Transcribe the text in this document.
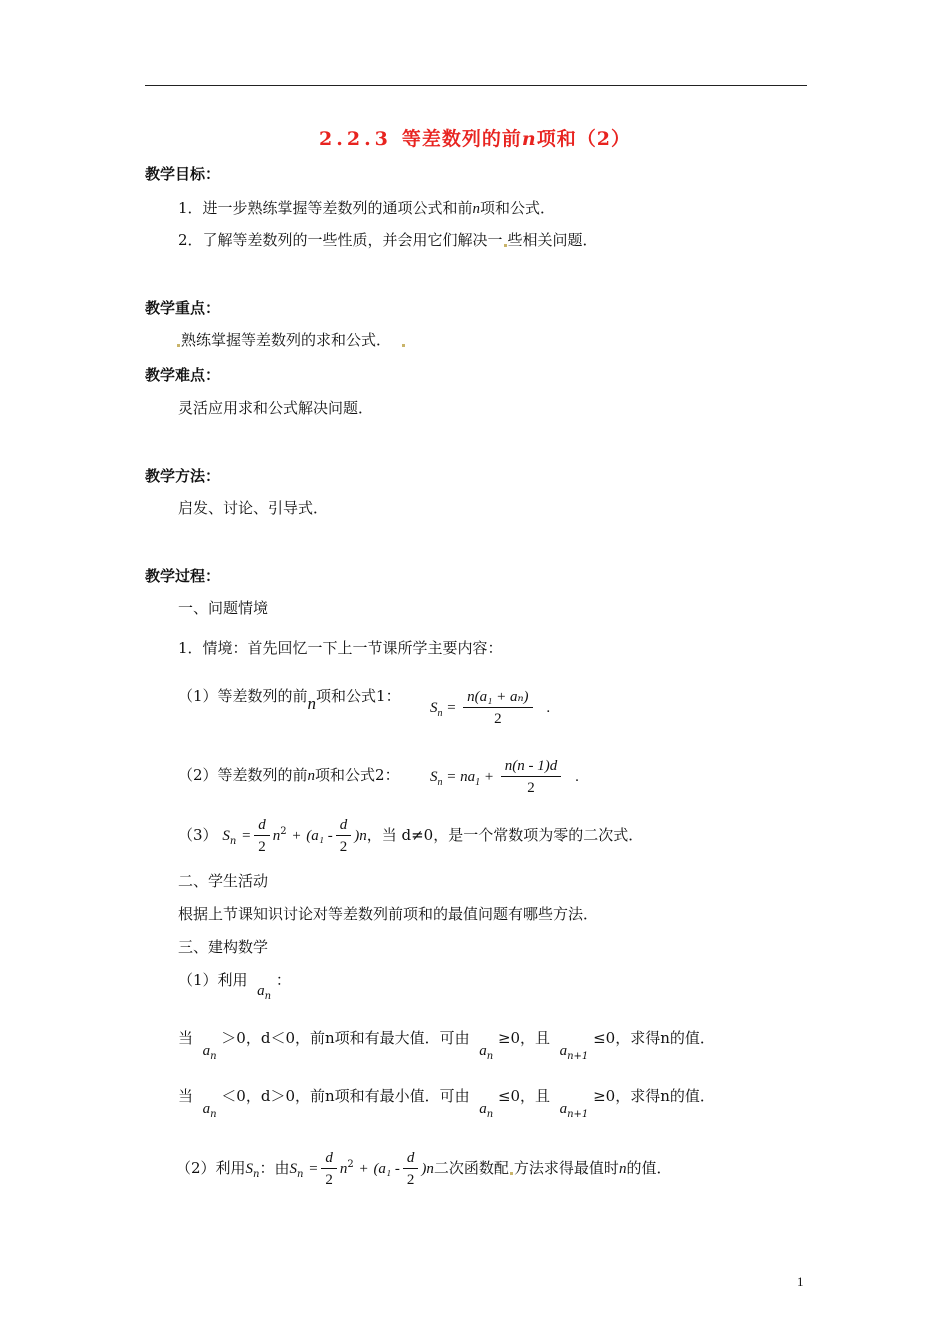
2.2.3 等差数列的前n项和（2）
教学目标：
1．进一步熟练掌握等差数列的通项公式和前n项和公式．
2．了解等差数列的一些性质，并会用它们解决一 些相关问题．
教学重点：
熟练掌握等差数列的求和公式．
教学难点：
灵活应用求和公式解决问题．
教学方法：
启发、讨论、引导式．
教学过程：
一、问题情境
1．情境：首先回忆一下上一节课所学主要内容：
（1）等差数列的前n项和公式1：
$S_n = \frac{\text{n(a₁ + aₙ)}}{2}$ .
（2）等差数列的前n项和公式2： $S_n = na_1 + \frac{n(n - 1)d}{2}$ .
（3） $S_n = \frac{d}{2} n^2 + (a_1 - \frac{d}{2} )n$，当 d≠0，是一个常数项为零的二次式．
二、学生活动
根据上节课知识讨论对等差数列前项和的最值问题有哪些方法．
三、建构数学
（1）利用  $a_n$ ：
当  $a_n >0$，d＜0，前n项和有最大值．可由  $a_n \ge 0$，且  $a_{n+1} \le 0$，求得n的值．
当  $a_n <0$，d＞0，前n项和有最小值．可由  $a_n \le 0$，且  $a_{n+1} \ge 0$，求得n的值．
（2）利用$S_n$：由$S_n = \frac{d}{2} n^2 + (a_1 - \frac{d}{2} )n$二次函数配 方法求得最值时n的值．
1
